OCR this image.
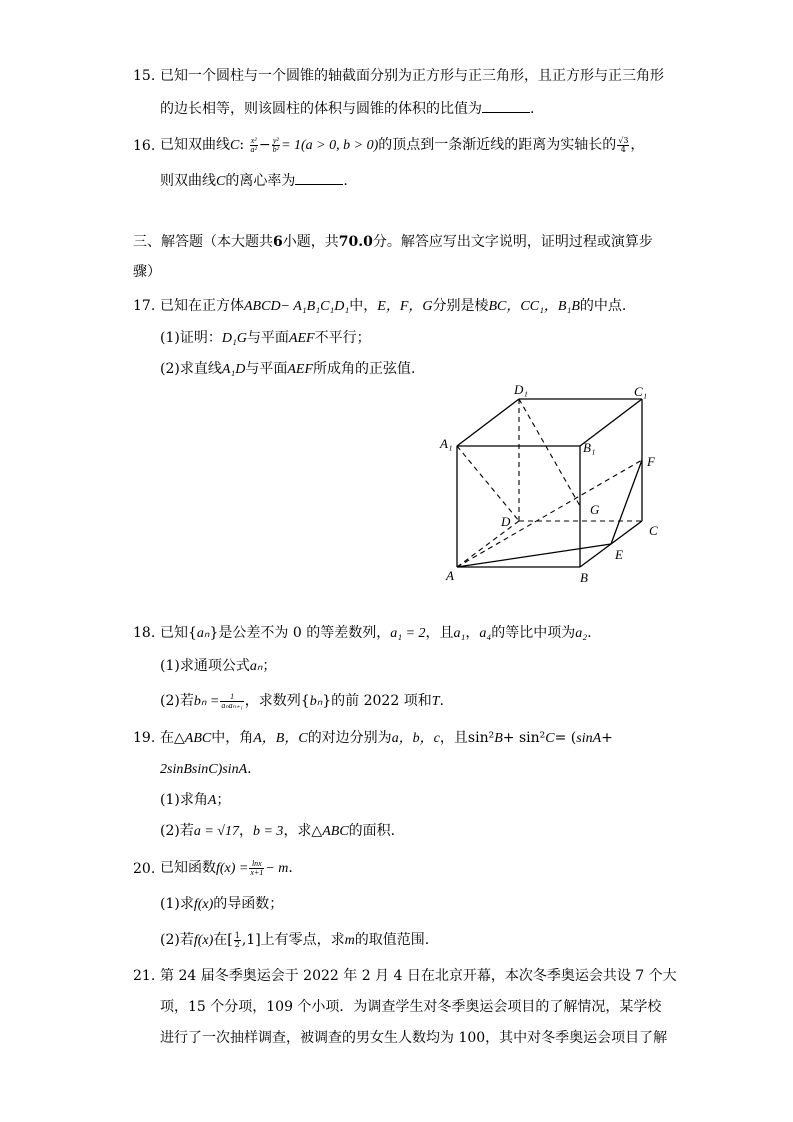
15. 已知一个圆柱与一个圆锥的轴截面分别为正方形与正三角形，且正方形与正三角形
的边长相等，则该圆柱的体积与圆锥的体积的比值为	.
16. 已知双曲线C: $\frac{\text{x²}}{\text{a²}} - \frac{\text{y²}}{\text{b²}} = 1(a > 0$, b > 0)的顶点到一条渐近线的距离为实轴长的 $\frac{√3}{4}$ ，
则双曲线C的离心率为	.
三、解答题（本大题共6小题，共70.0分。解答应写出文字说明，证明过程或演算步
骤）
17. 已知在正方体ABCD− A₁B₁C₁D₁中，E，F，G分别是棱BC，CC₁，B₁B的中点.
(1)证明：D₁G与平面AEF不平行；
(2)求直线A₁D与平面AEF所成角的正弦值.
D₁	C₁
A₁	B₁
F
D
G
C
E
A	B
18. 已知{aₙ}是公差不为 0 的等差数列，a₁ = 2，且a₁，a₄的等比中项为a₂.
(1)求通项公式aₙ；
(2)若$b_n = \frac{1}{\text{aₙaₙ₊₁}}$ ，求数列{bₙ}的前 2022 项和T.
19. 在△ABC中，角A，B，C的对边分别为a，b，c，且sin²B+ sin²C= (sinA+
2sinBsinC)sinA.
(1)求角A；
(2)若a = √17，b = 3，求△ABC的面积.
20. 已知函数$f(x) = \frac{\ln x}{x+1} - m$.
(1)求f(x)的导函数；
(2)若f(x)在[ $\frac{1}{2} ,1$]上有零点，求m的取值范围.
21. 第 24 届冬季奥运会于 2022 年 2 月 4 日在北京开幕，本次冬季奥运会共设 7 个大
项，15 个分项，109 个小项．为调查学生对冬季奥运会项目的了解情况，某学校
进行了一次抽样调查，被调查的男女生人数均为 100，其中对冬季奥运会项目了解
